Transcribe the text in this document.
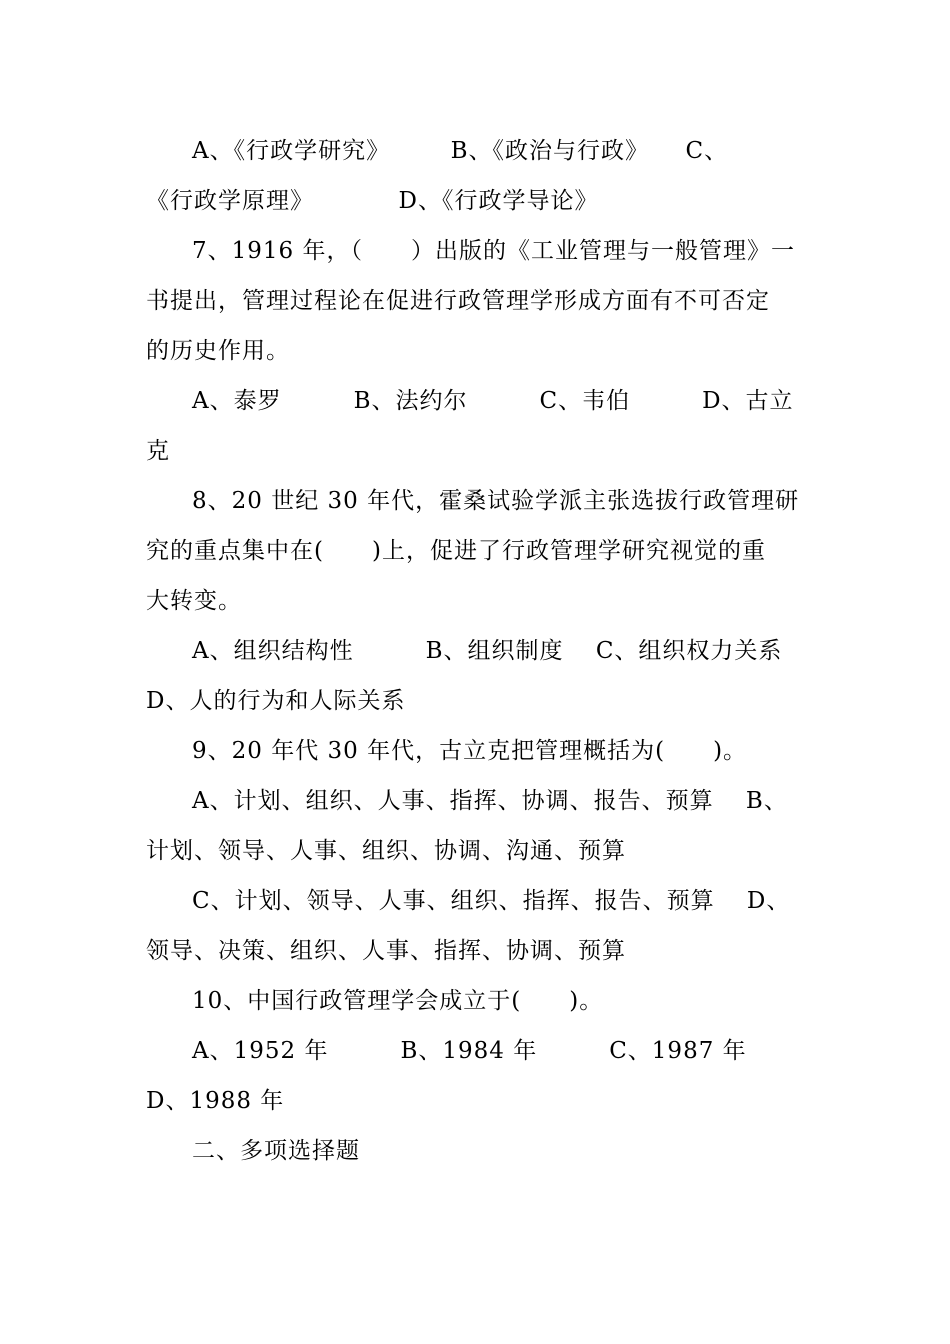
A、《行政学研究》　　　B、《政治与行政》　　C、

《行政学原理》　　　　D、《行政学导论》

7、1916 年，（　　）出版的《工业管理与一般管理》一

书提出，管理过程论在促进行政管理学形成方面有不可否定

的历史作用。

A、泰罗　　　B、法约尔　　　C、韦伯　　　D、古立

克

8、20 世纪 30 年代，霍桑试验学派主张选拔行政管理研

究的重点集中在(　　)上，促进了行政管理学研究视觉的重

大转变。

A、组织结构性　　　B、组织制度　 C、组织权力关系

D、人的行为和人际关系

9、20 年代 30 年代，古立克把管理概括为(　　)。

A、计划、组织、人事、指挥、协调、报告、预算　 B、

计划、领导、人事、组织、协调、沟通、预算

C、计划、领导、人事、组织、指挥、报告、预算　 D、

领导、决策、组织、人事、指挥、协调、预算

10、中国行政管理学会成立于(　　)。

A、1952 年　　　B、1984 年　　　C、1987 年

D、1988 年

二、多项选择题
